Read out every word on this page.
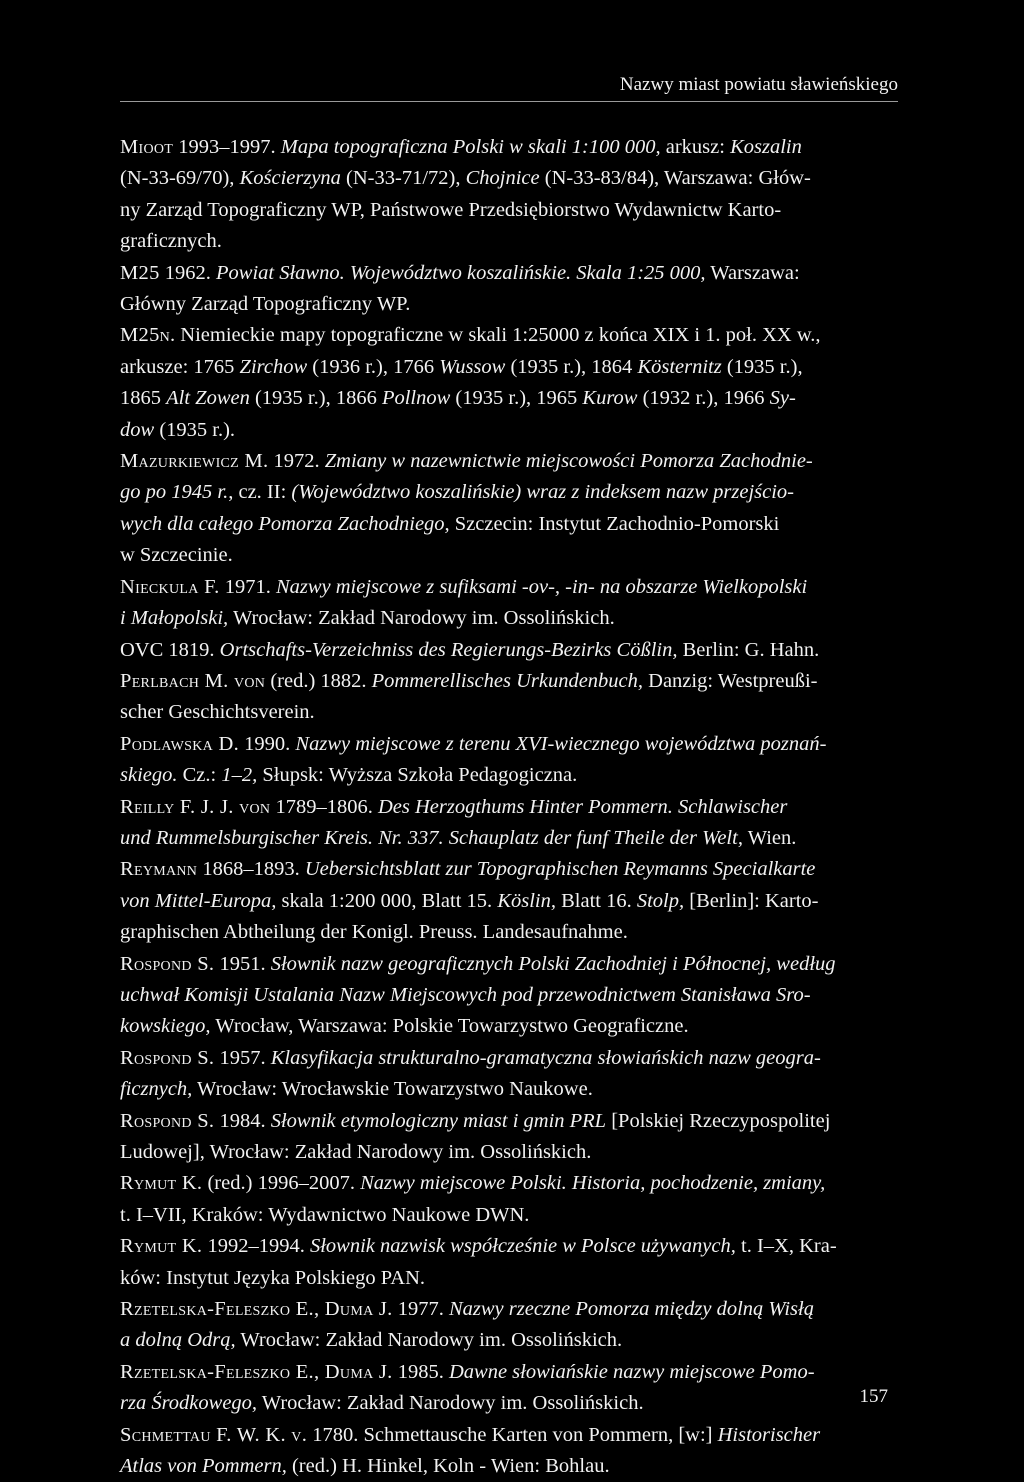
Nazwy miast powiatu sławieńskiego
Mioot 1993–1997. Mapa topograficzna Polski w skali 1:100 000, arkusz: Koszalin
(N-33-69/70), Kościerzyna (N-33-71/72), Chojnice (N-33-83/84), Warszawa: Głów-
ny Zarząd Topograficzny WP, Państwowe Przedsiębiorstwo Wydawnictw Karto-
graficznych.
M25 1962. Powiat Sławno. Województwo koszalińskie. Skala 1:25 000, Warszawa:
Główny Zarząd Topograficzny WP.
M25n. Niemieckie mapy topograficzne w skali 1:25000 z końca XIX i 1. poł. XX w.,
arkusze: 1765 Zirchow (1936 r.), 1766 Wussow (1935 r.), 1864 Kösternitz (1935 r.),
1865 Alt Zowen (1935 r.), 1866 Pollnow (1935 r.), 1965 Kurow (1932 r.), 1966 Sy-
dow (1935 r.).
Mazurkiewicz M. 1972. Zmiany w nazewnictwie miejscowości Pomorza Zachodnie-
go po 1945 r., cz. II: (Województwo koszalińskie) wraz z indeksem nazw przejścio-
wych dla całego Pomorza Zachodniego, Szczecin: Instytut Zachodnio-Pomorski
w Szczecinie.
Nieckula F. 1971. Nazwy miejscowe z sufiksami -ov-, -in- na obszarze Wielkopolski
i Małopolski, Wrocław: Zakład Narodowy im. Ossolińskich.
OVC 1819. Ortschafts-Verzeichniss des Regierungs-Bezirks Cößlin, Berlin: G. Hahn.
Perlbach M. von (red.) 1882. Pommerellisches Urkundenbuch, Danzig: Westpreußi-
scher Geschichtsverein.
Podlawska D. 1990. Nazwy miejscowe z terenu XVI-wiecznego województwa poznań-
skiego. Cz.: 1–2, Słupsk: Wyższa Szkoła Pedagogiczna.
Reilly F. J. J. von 1789–1806. Des Herzogthums Hinter Pommern. Schlawischer
und Rummelsburgischer Kreis. Nr. 337. Schauplatz der funf Theile der Welt, Wien.
Reymann 1868–1893. Uebersichtsblatt zur Topographischen Reymanns Specialkarte
von Mittel-Europa, skala 1:200 000, Blatt 15. Köslin, Blatt 16. Stolp, [Berlin]: Karto-
graphischen Abtheilung der Konigl. Preuss. Landesaufnahme.
Rospond S. 1951. Słownik nazw geograficznych Polski Zachodniej i Północnej, według
uchwał Komisji Ustalania Nazw Miejscowych pod przewodnictwem Stanisława Sro-
kowskiego, Wrocław, Warszawa: Polskie Towarzystwo Geograficzne.
Rospond S. 1957. Klasyfikacja strukturalno-gramatyczna słowiańskich nazw geogra-
ficznych, Wrocław: Wrocławskie Towarzystwo Naukowe.
Rospond S. 1984. Słownik etymologiczny miast i gmin PRL [Polskiej Rzeczypospolitej
Ludowej], Wrocław: Zakład Narodowy im. Ossolińskich.
Rymut K. (red.) 1996–2007. Nazwy miejscowe Polski. Historia, pochodzenie, zmiany,
t. I–VII, Kraków: Wydawnictwo Naukowe DWN.
Rymut K. 1992–1994. Słownik nazwisk współcześnie w Polsce używanych, t. I–X, Kra-
ków: Instytut Języka Polskiego PAN.
Rzetelska-Feleszko E., Duma J. 1977. Nazwy rzeczne Pomorza między dolną Wisłą
a dolną Odrą, Wrocław: Zakład Narodowy im. Ossolińskich.
Rzetelska-Feleszko E., Duma J. 1985. Dawne słowiańskie nazwy miejscowe Pomo-
rza Środkowego, Wrocław: Zakład Narodowy im. Ossolińskich.
Schmettau F. W. K. v. 1780. Schmettausche Karten von Pommern, [w:] Historischer
Atlas von Pommern, (red.) H. Hinkel, Koln - Wien: Bohlau.
157
